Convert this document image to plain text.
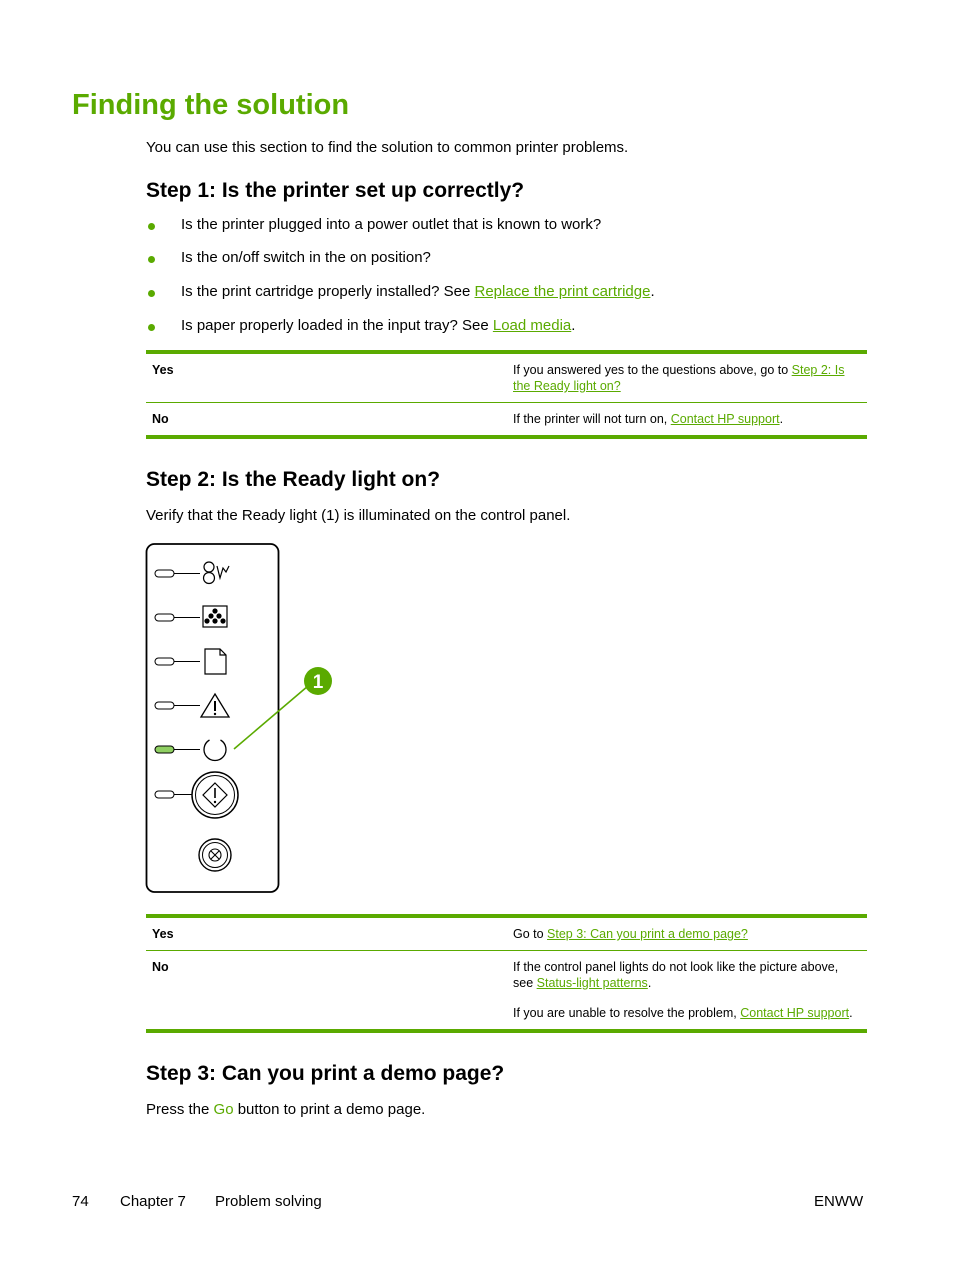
Finding the solution
You can use this section to find the solution to common printer problems.
Step 1: Is the printer set up correctly?
Is the printer plugged into a power outlet that is known to work?
Is the on/off switch in the on position?
Is the print cartridge properly installed? See Replace the print cartridge.
Is paper properly loaded in the input tray? See Load media.
Yes	If you answered yes to the questions above, go to Step 2: Is the Ready light on?
No	If the printer will not turn on, Contact HP support.
Step 2: Is the Ready light on?
Verify that the Ready light (1) is illuminated on the control panel.
1
Yes	Go to Step 3: Can you print a demo page?
No	If the control panel lights do not look like the picture above, see Status-light patterns.

If you are unable to resolve the problem, Contact HP support.

Step 3: Can you print a demo page?
Press the Go button to print a demo page.
74 Chapter 7 Problem solving	ENWW
